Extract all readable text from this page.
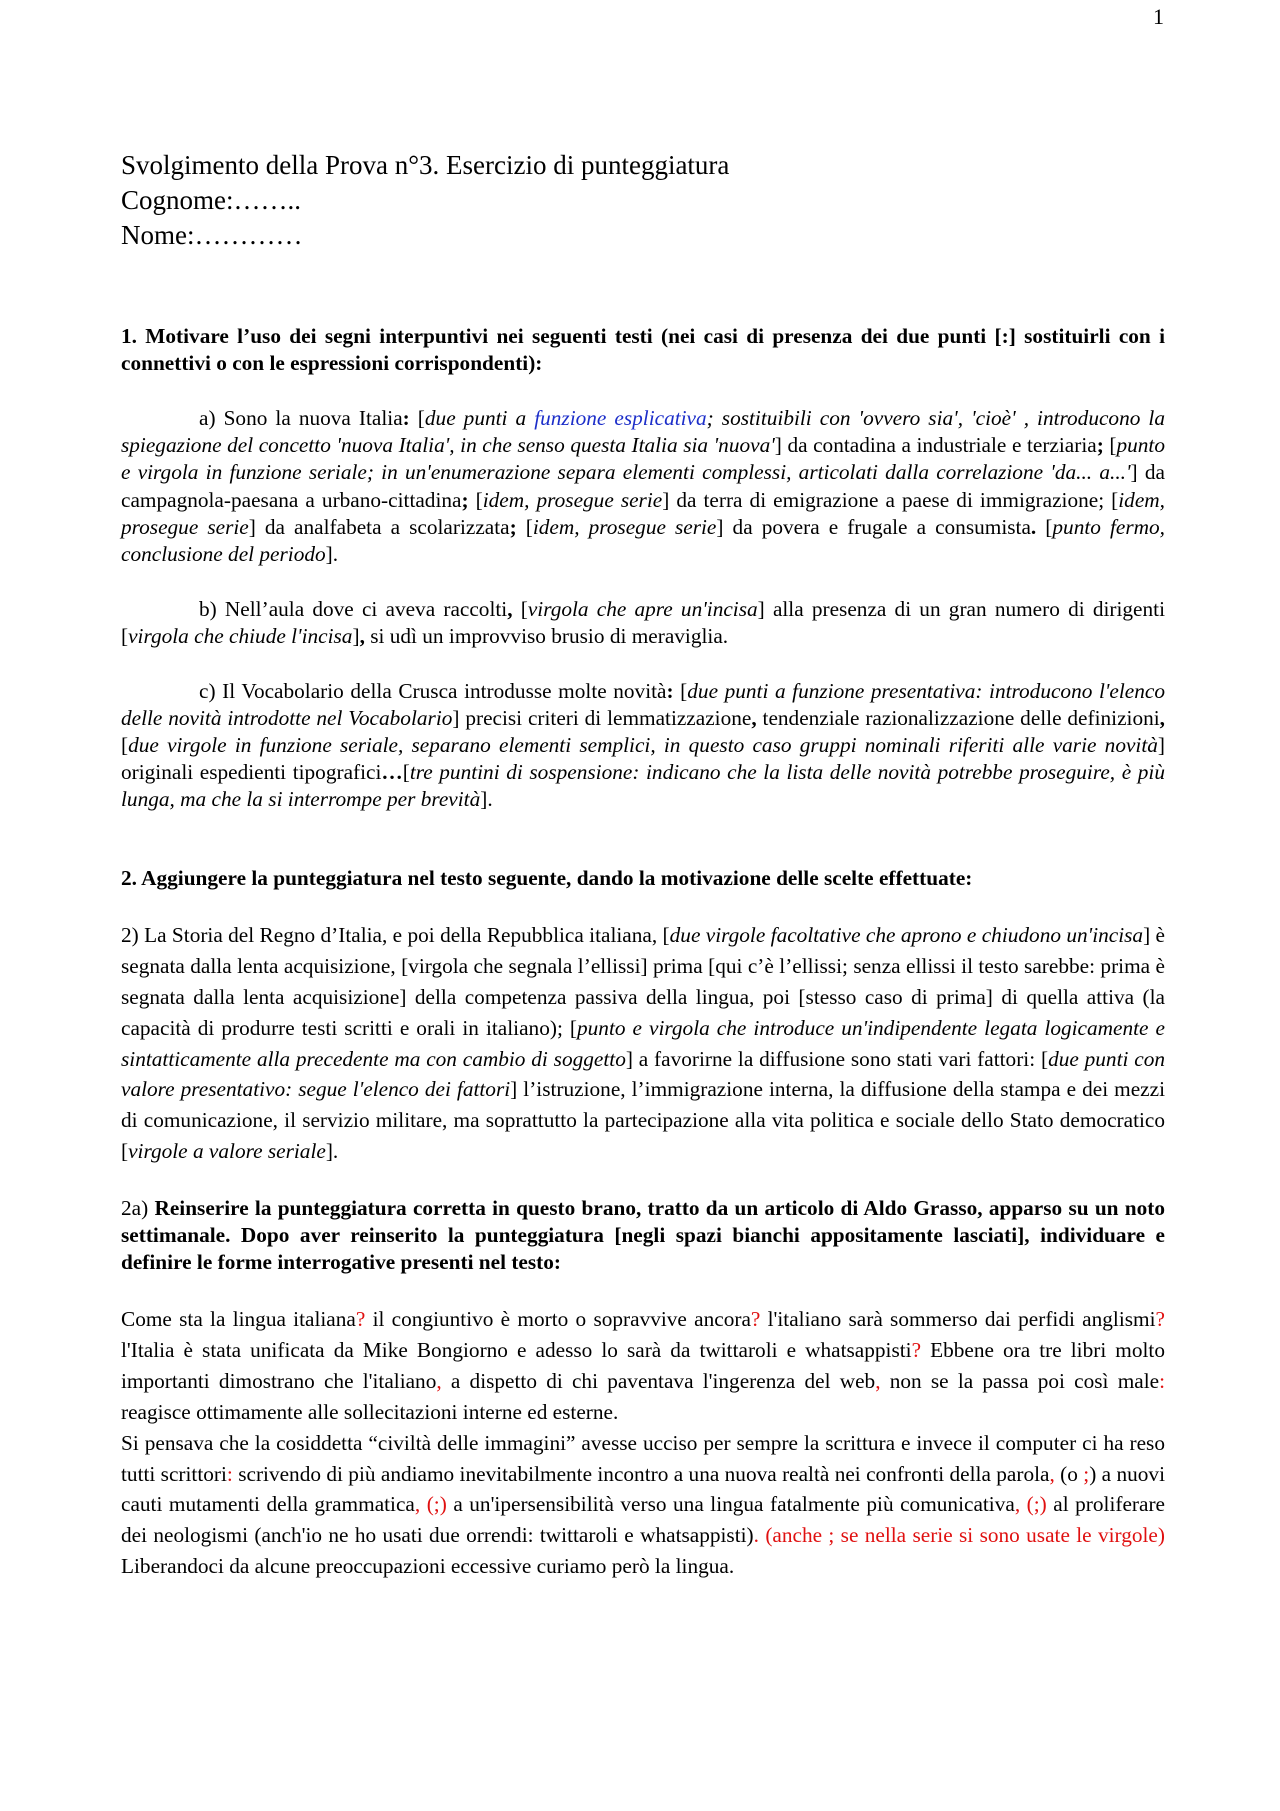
1
Svolgimento della Prova n°3. Esercizio di punteggiatura
Cognome:……..
Nome:…………

1. Motivare l’uso dei segni interpuntivi nei seguenti testi (nei casi di presenza dei due punti [:] sostituirli con i connettivi o con le espressioni corrispondenti):

a) Sono la nuova Italia: [due punti a funzione esplicativa; sostituibili con 'ovvero sia', 'cioè' , introducono la spiegazione del concetto 'nuova Italia', in che senso questa Italia sia 'nuova'] da contadina a industriale e terziaria; [punto e virgola in funzione seriale; in un'enumerazione separa elementi complessi, articolati dalla correlazione 'da... a...'] da campagnola-paesana a urbano-cittadina; [idem, prosegue serie] da terra di emigrazione a paese di immigrazione; [idem, prosegue serie] da analfabeta a scolarizzata; [idem, prosegue serie] da povera e frugale a consumista. [punto fermo, conclusione del periodo].

b) Nell’aula dove ci aveva raccolti, [virgola che apre un'incisa] alla presenza di un gran numero di dirigenti [virgola che chiude l'incisa], si udì un improvviso brusio di meraviglia.

c) Il Vocabolario della Crusca introdusse molte novità: [due punti a funzione presentativa: introducono l'elenco delle novità introdotte nel Vocabolario] precisi criteri di lemmatizzazione, tendenziale razionalizzazione delle definizioni, [due virgole in funzione seriale, separano elementi semplici, in questo caso gruppi nominali riferiti alle varie novità] originali espedienti tipografici…[tre puntini di sospensione: indicano che la lista delle novità potrebbe proseguire, è più lunga, ma che la si interrompe per brevità].

2. Aggiungere la punteggiatura nel testo seguente, dando la motivazione delle scelte effettuate:

2) La Storia del Regno d’Italia, e poi della Repubblica italiana, [due virgole facoltative che aprono e chiudono un'incisa] è segnata dalla lenta acquisizione, [virgola che segnala l’ellissi] prima [qui c’è l’ellissi; senza ellissi il testo sarebbe: prima è segnata dalla lenta acquisizione] della competenza passiva della lingua, poi [stesso caso di prima] di quella attiva (la capacità di produrre testi scritti e orali in italiano); [punto e virgola che introduce un'indipendente legata logicamente e sintatticamente alla precedente ma con cambio di soggetto] a favorirne la diffusione sono stati vari fattori: [due punti con valore presentativo: segue l'elenco dei fattori] l’istruzione, l’immigrazione interna, la diffusione della stampa e dei mezzi di comunicazione, il servizio militare, ma soprattutto la partecipazione alla vita politica e sociale dello Stato democratico [virgole a valore seriale].

2a) Reinserire la punteggiatura corretta in questo brano, tratto da un articolo di Aldo Grasso, apparso su un noto settimanale. Dopo aver reinserito la punteggiatura [negli spazi bianchi appositamente lasciati], individuare e definire le forme interrogative presenti nel testo:

Come sta la lingua italiana? il congiuntivo è morto o sopravvive ancora? l'italiano sarà sommerso dai perfidi anglismi? l'Italia è stata unificata da Mike Bongiorno e adesso lo sarà da twittaroli e whatsappisti? Ebbene ora tre libri molto importanti dimostrano che l'italiano, a dispetto di chi paventava l'ingerenza del web, non se la passa poi così male: reagisce ottimamente alle sollecitazioni interne ed esterne.

Si pensava che la cosiddetta “civiltà delle immagini” avesse ucciso per sempre la scrittura e invece il computer ci ha reso tutti scrittori: scrivendo di più andiamo inevitabilmente incontro a una nuova realtà nei confronti della parola, (o ;) a nuovi cauti mutamenti della grammatica, (;) a un'ipersensibilità verso una lingua fatalmente più comunicativa, (;) al proliferare dei neologismi (anch'io ne ho usati due orrendi: twittaroli e whatsappisti). (anche ; se nella serie si sono usate le virgole) Liberandoci da alcune preoccupazioni eccessive curiamo però la lingua.
